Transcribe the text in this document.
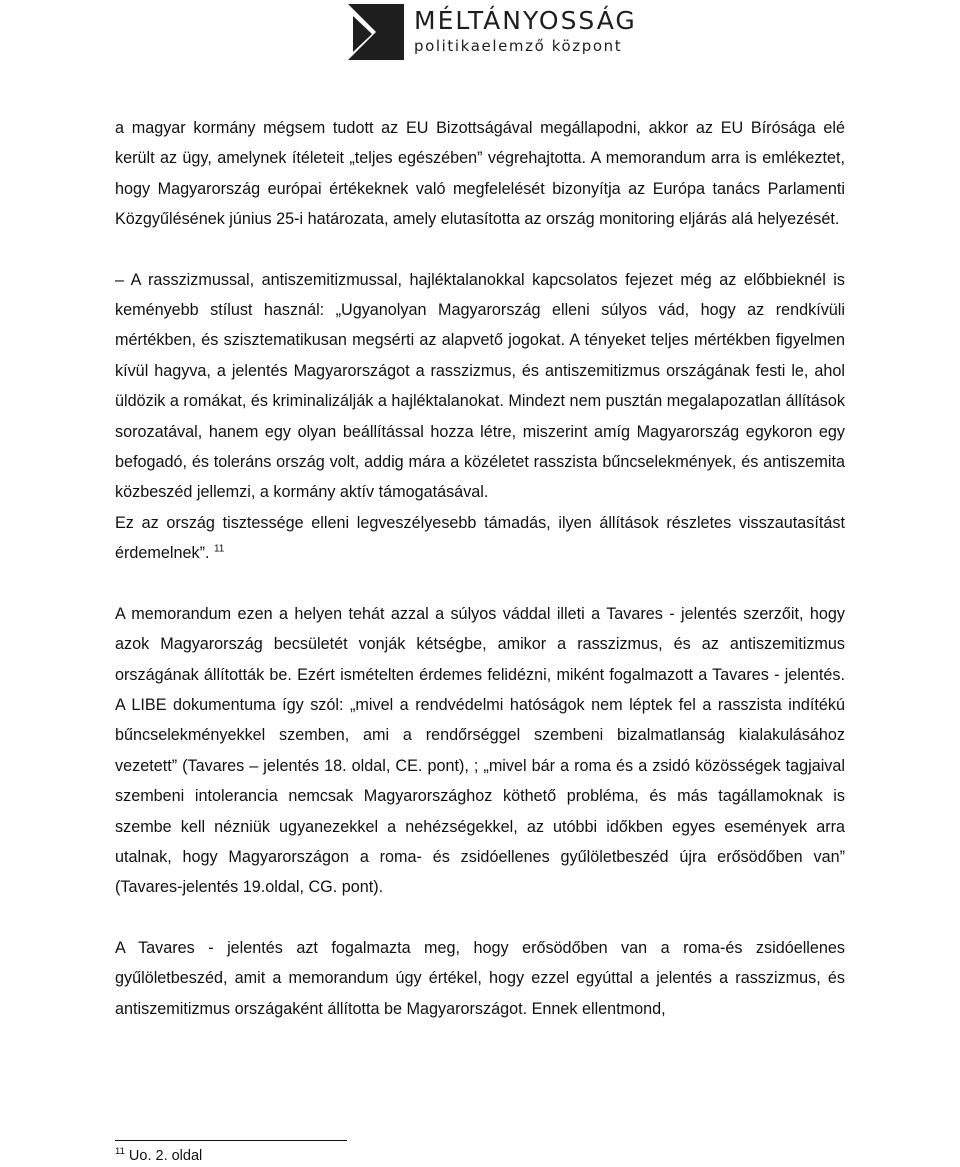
MÉLTÁNYOSSÁG
politikaelemző központ

a magyar kormány mégsem tudott az EU Bizottságával megállapodni, akkor az EU Bírósága elé került az ügy, amelynek ítéleteit „teljes egészében” végrehajtotta. A memorandum arra is emlékeztet, hogy Magyarország európai értékeknek való megfelelését bizonyítja az Európa tanács Parlamenti Közgyűlésének június 25-i határozata, amely elutasította az ország monitoring eljárás alá helyezését.

– A rasszizmussal, antiszemitizmussal, hajléktalanokkal kapcsolatos fejezet még az előbbieknél is keményebb stílust használ: „Ugyanolyan Magyarország elleni súlyos vád, hogy az rendkívüli mértékben, és szisztematikusan megsérti az alapvető jogokat. A tényeket teljes mértékben figyelmen kívül hagyva, a jelentés Magyarországot a rasszizmus, és antiszemitizmus országának festi le, ahol üldözik a romákat, és kriminalizálják a hajléktalanokat. Mindezt nem pusztán megalapozatlan állítások sorozatával, hanem egy olyan beállítással hozza létre, miszerint amíg Magyarország egykoron egy befogadó, és toleráns ország volt, addig mára a közéletet rasszista bűncselekmények, és antiszemita közbeszéd jellemzi, a kormány aktív támogatásával.

Ez az ország tisztessége elleni legveszélyesebb támadás, ilyen állítások részletes visszautasítást érdemelnek”. $^{11}$

A memorandum ezen a helyen tehát azzal a súlyos váddal illeti a Tavares - jelentés szerzőit, hogy azok Magyarország becsületét vonják kétségbe, amikor a rasszizmus, és az antiszemitizmus országának állították be. Ezért ismételten érdemes felidézni, miként fogalmazott a Tavares - jelentés. A LIBE dokumentuma így szól: „mivel a rendvédelmi hatóságok nem léptek fel a rasszista indítékú bűncselekményekkel szemben, ami a rendőrséggel szembeni bizalmatlanság kialakulásához vezetett” (Tavares – jelentés 18. oldal, CE. pont), ; „mivel bár a roma és a zsidó közösségek tagjaival szembeni intolerancia nemcsak Magyarországhoz köthető probléma, és más tagállamoknak is szembe kell nézniük ugyanezekkel a nehézségekkel, az utóbbi időkben egyes események arra utalnak, hogy Magyarországon a roma- és zsidóellenes gyűlöletbeszéd újra erősödőben van” (Tavares-jelentés 19.oldal, CG. pont).

A Tavares - jelentés azt fogalmazta meg, hogy erősödőben van a roma-és zsidóellenes gyűlöletbeszéd, amit a memorandum úgy értékel, hogy ezzel egyúttal a jelentés a rasszizmus, és antiszemitizmus országaként állította be Magyarországot. Ennek ellentmond,

$^{11}$ Uo. 2. oldal
